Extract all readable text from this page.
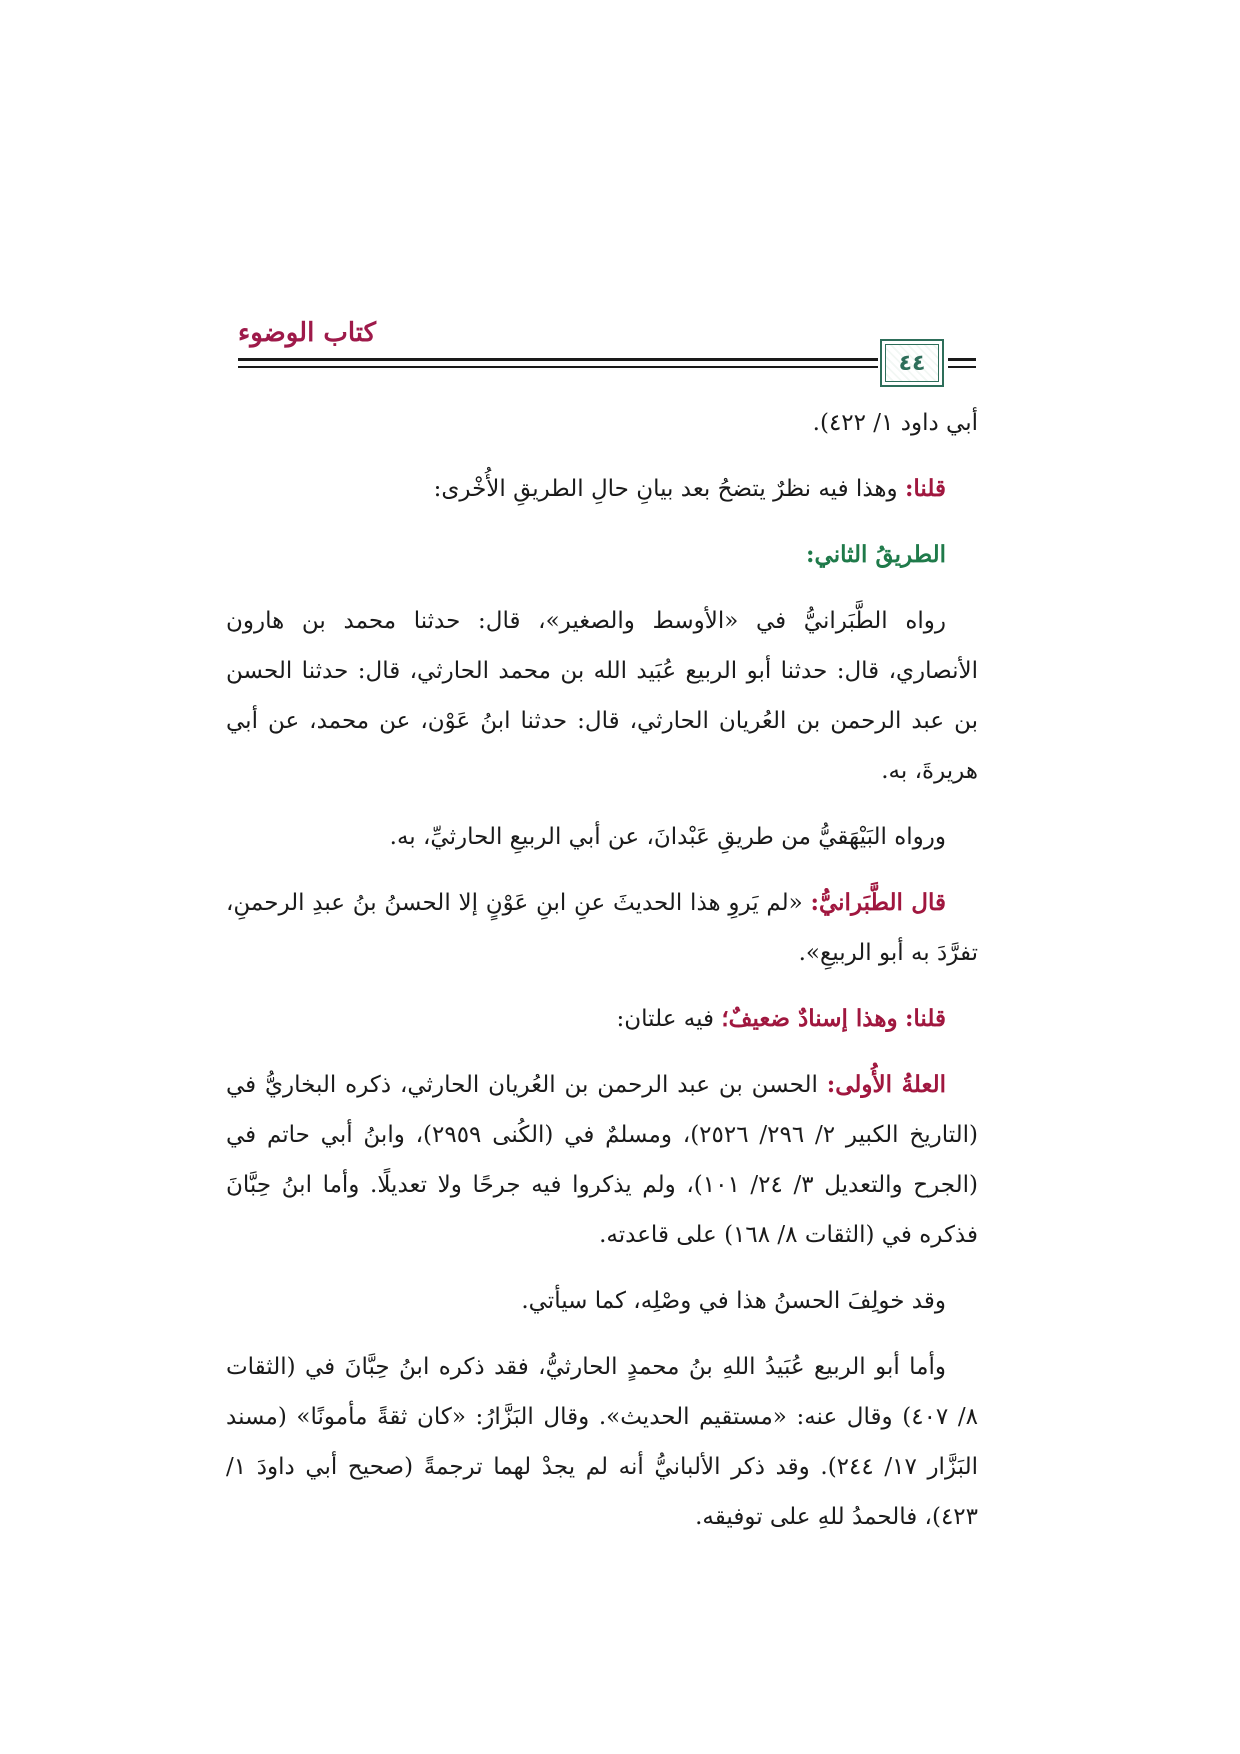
كتاب الوضوء
٤٤

أبي داود ١/ ٤٢٢).

قلنا: وهذا فيه نظرٌ يتضحُ بعد بيانِ حالِ الطريقِ الأُخْرى:

الطريقُ الثاني:

رواه الطَّبَرانيُّ في «الأوسط والصغير»، قال: حدثنا محمد بن هارون الأنصاري، قال: حدثنا أبو الربيع عُبَيد الله بن محمد الحارثي، قال: حدثنا الحسن بن عبد الرحمن بن العُريان الحارثي، قال: حدثنا ابنُ عَوْن، عن محمد، عن أبي هريرةَ، به.

ورواه البَيْهَقيُّ من طريقِ عَبْدانَ، عن أبي الربيعِ الحارثيِّ، به.

قال الطَّبَرانيُّ: «لم يَروِ هذا الحديثَ عنِ ابنِ عَوْنٍ إلا الحسنُ بنُ عبدِ الرحمنِ، تفرَّدَ به أبو الربيعِ».

قلنا: وهذا إسنادٌ ضعيفٌ؛ فيه علتان:

العلةُ الأُولى: الحسن بن عبد الرحمن بن العُريان الحارثي، ذكره البخاريُّ في (التاريخ الكبير ٢/ ٢٩٦/ ٢٥٢٦)، ومسلمٌ في (الكُنى ٢٩٥٩)، وابنُ أبي حاتم في (الجرح والتعديل ٣/ ٢٤/ ١٠١)، ولم يذكروا فيه جرحًا ولا تعديلًا. وأما ابنُ حِبَّانَ فذكره في (الثقات ٨/ ١٦٨) على قاعدته.

وقد خولِفَ الحسنُ هذا في وصْلِه، كما سيأتي.

وأما أبو الربيع عُبَيدُ اللهِ بنُ محمدٍ الحارثيُّ، فقد ذكره ابنُ حِبَّانَ في (الثقات ٨/ ٤٠٧) وقال عنه: «مستقيم الحديث». وقال البَزَّارُ: «كان ثقةً مأمونًا» (مسند البَزَّار ١٧/ ٢٤٤). وقد ذكر الألبانيُّ أنه لم يجدْ لهما ترجمةً (صحيح أبي داودَ ١/ ٤٢٣)، فالحمدُ للهِ على توفيقه.
